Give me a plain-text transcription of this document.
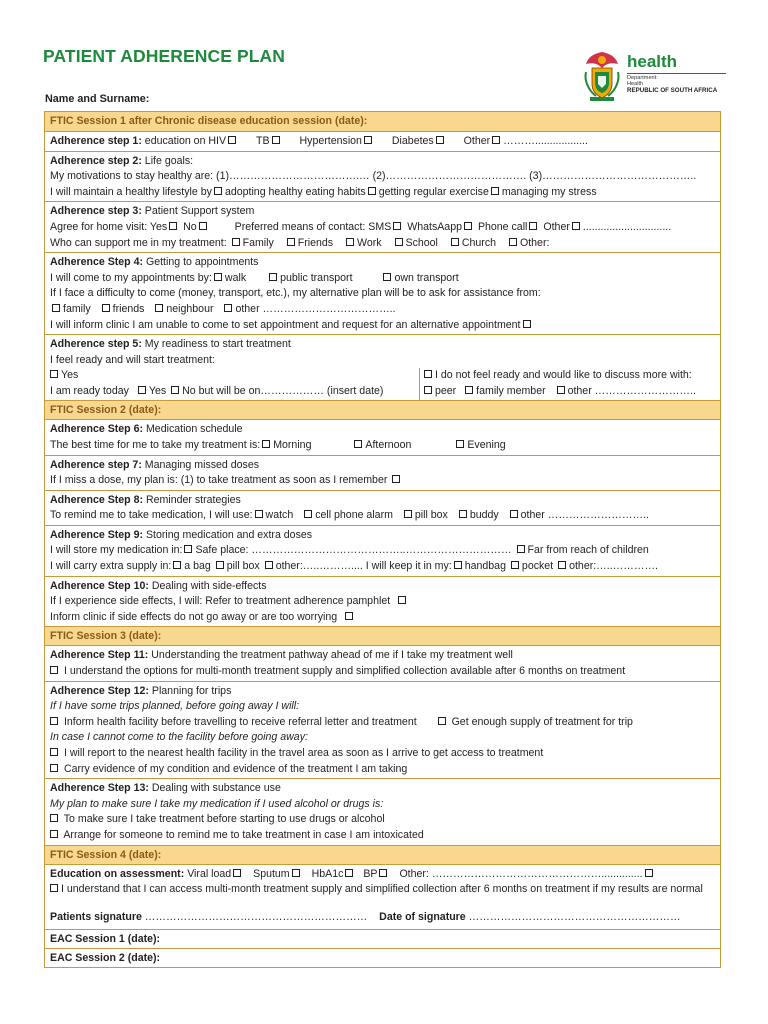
PATIENT ADHERENCE PLAN
Name and Surname:
health
Department:
Health
REPUBLIC OF SOUTH AFRICA
FTIC Session 1 after Chronic disease education session (date):
Adherence step 1: education on HIV	TB	Hypertension	Diabetes	Other ………..................
Adherence step 2: Life goals:
My motivations to stay healthy are: (1)……………………………….… (2)…………………………………. (3)……………………………………..
I will maintain a healthy lifestyle by adopting healthy eating habits getting regular exercise managing my stress
Adherence step 3: Patient Support system
Agree for home visit: Yes No	Preferred means of contact: SMS WhatsAapp Phone call Other ..............................
Who can support me in my treatment: Family Friends Work School Church Other:
Adherence Step 4: Getting to appointments
I will come to my appointments by: walk	public transport	own transport
If I face a difficulty to come (money, transport, etc.), my alternative plan will be to ask for assistance from:
family friends neighbour other ………………………………..
I will inform clinic I am unable to come to set appointment and request for an alternative appointment
Adherence step 5: My readiness to start treatment
I feel ready and will start treatment:
Yes
I am ready today Yes No but will be on……………… (insert date)
I do not feel ready and would like to discuss more with:
peer family member other ………………………..
FTIC Session 2 (date):
Adherence Step 6: Medication schedule
The best time for me to take my treatment is: Morning	Afternoon	Evening
Adherence step 7: Managing missed doses
If I miss a dose, my plan is: (1) to take treatment as soon as I remember
Adherence Step 8: Reminder strategies
To remind me to take medication, I will use: watch cell phone alarm pill box buddy other ………………………..
Adherence Step 9: Storing medication and extra doses
I will store my medication in: Safe place: ……………………………………..………………………… Far from reach of children
I will carry extra supply in: a bag pill box other:…..……….... I will keep it in my: handbag pocket other:…..………….
Adherence Step 10: Dealing with side-effects
If I experience side effects, I will: Refer to treatment adherence pamphlet
Inform clinic if side effects do not go away or are too worrying
FTIC Session 3 (date):
Adherence Step 11: Understanding the treatment pathway ahead of me if I take my treatment well
I understand the options for multi-month treatment supply and simplified collection available after 6 months on treatment
Adherence Step 12: Planning for trips
If I have some trips planned, before going away I will:
Inform health facility before travelling to receive referral letter and treatment	Get enough supply of treatment for trip
In case I cannot come to the facility before going away:
I will report to the nearest health facility in the travel area as soon as I arrive to get access to treatment
Carry evidence of my condition and evidence of the treatment I am taking
Adherence Step 13: Dealing with substance use
My plan to make sure I take my medication if I used alcohol or drugs is:
To make sure I take treatment before starting to use drugs or alcohol
Arrange for someone to remind me to take treatment in case I am intoxicated
FTIC Session 4 (date):
Education on assessment: Viral load Sputum HbA1c BP Other: …………………………………………..............
I understand that I can access multi-month treatment supply and simplified collection after 6 months on treatment if my results are normal
Patients signature ……………………………………………………… Date of signature ……………………………………………………
EAC Session 1 (date):
EAC Session 2 (date):
